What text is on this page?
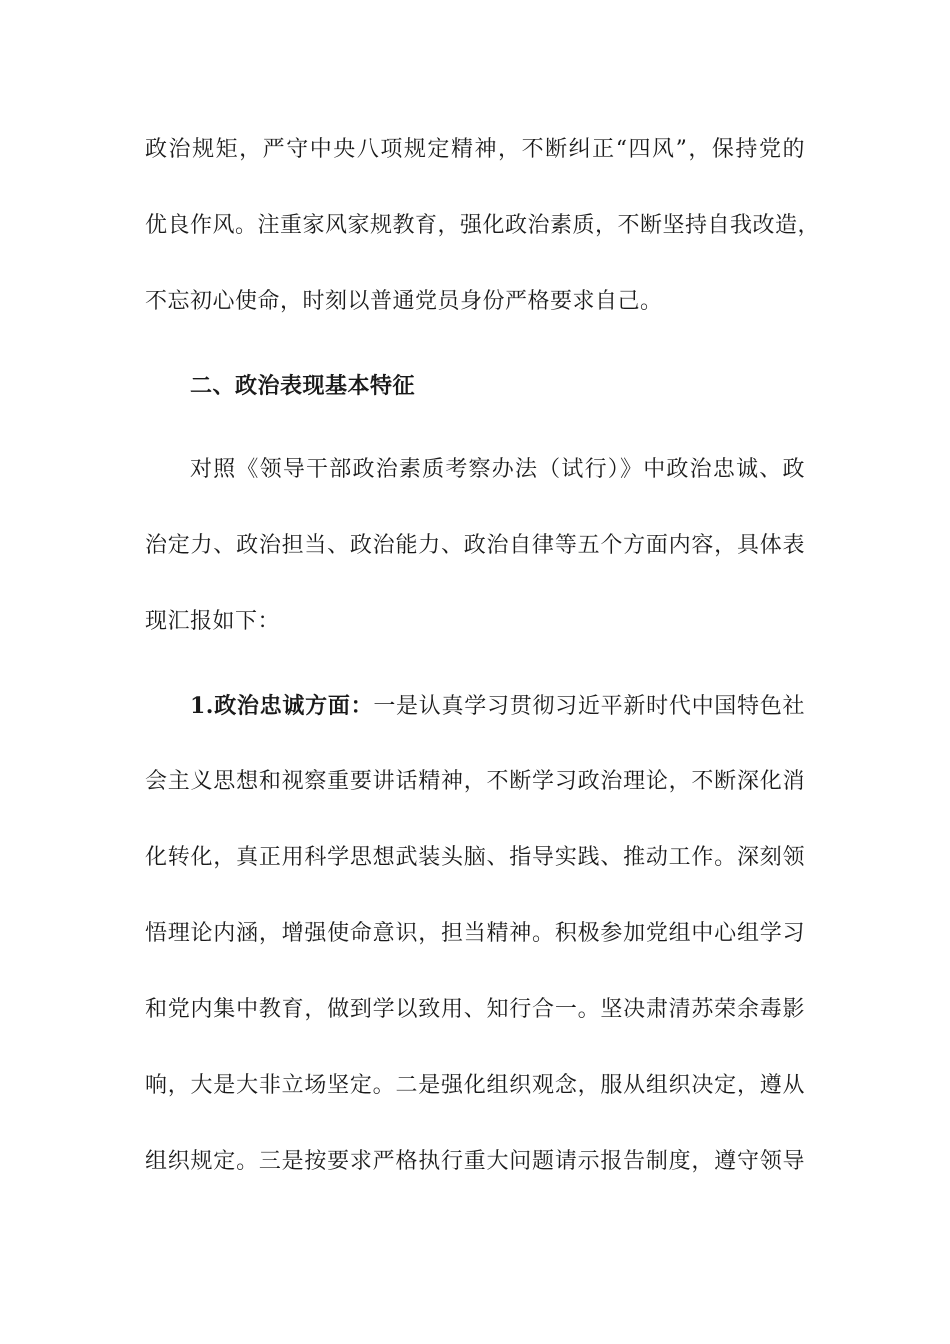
政治规矩，严守中央八项规定精神，不断纠正“四风”，保持党的
优良作风。注重家风家规教育，强化政治素质，不断坚持自我改造，
不忘初心使命，时刻以普通党员身份严格要求自己。
二、政治表现基本特征
对照《领导干部政治素质考察办法（试行）》中政治忠诚、政
治定力、政治担当、政治能力、政治自律等五个方面内容，具体表
现汇报如下：
1.政治忠诚方面：一是认真学习贯彻习近平新时代中国特色社
会主义思想和视察重要讲话精神，不断学习政治理论，不断深化消
化转化，真正用科学思想武装头脑、指导实践、推动工作。深刻领
悟理论内涵，增强使命意识，担当精神。积极参加党组中心组学习
和党内集中教育，做到学以致用、知行合一。坚决肃清苏荣余毒影
响，大是大非立场坚定。二是强化组织观念，服从组织决定，遵从
组织规定。三是按要求严格执行重大问题请示报告制度，遵守领导
